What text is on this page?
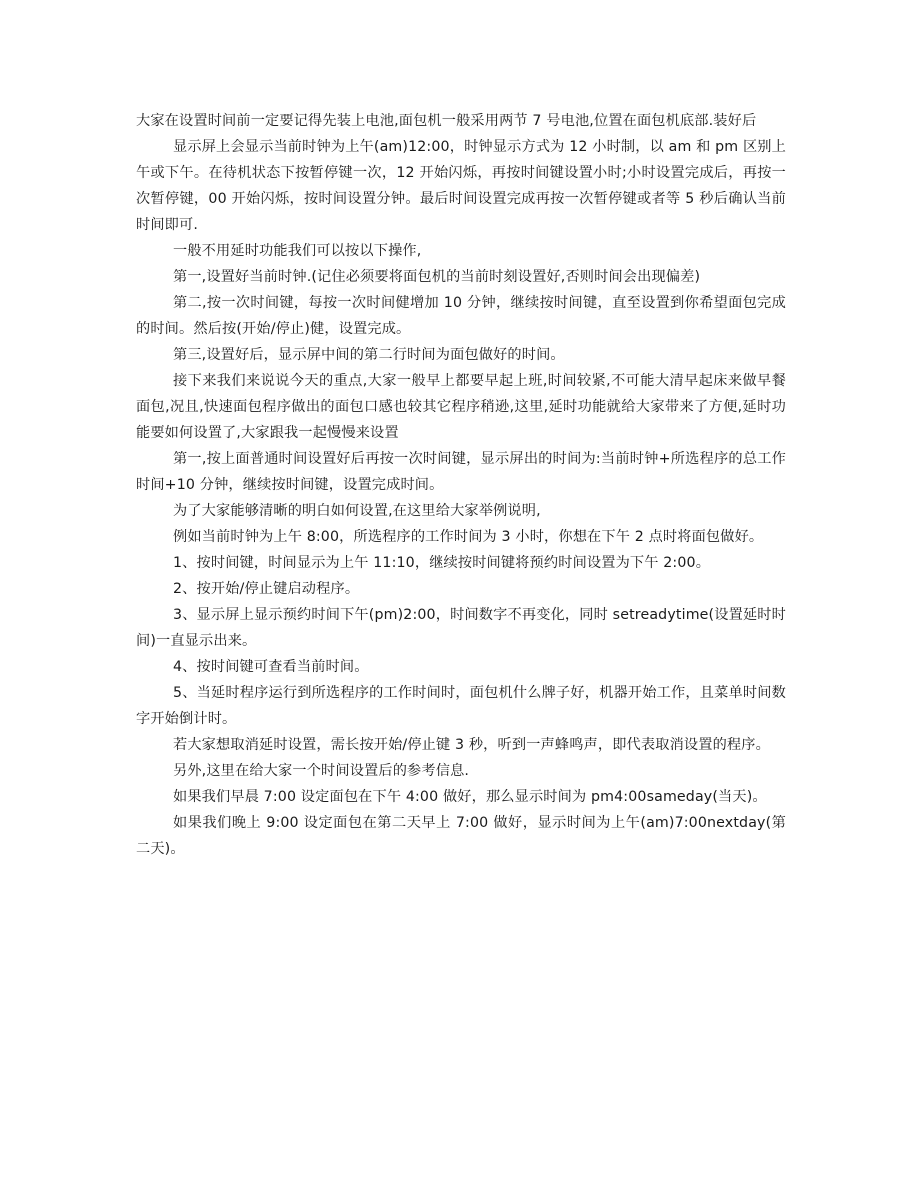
大家在设置时间前一定要记得先装上电池,面包机一般采用两节 7 号电池,位置在面包机底部.装好后

显示屏上会显示当前时钟为上午(am)12:00，时钟显示方式为 12 小时制，以 am 和 pm 区别上午或下午。在待机状态下按暂停键一次，12 开始闪烁，再按时间键设置小时;小时设置完成后，再按一次暂停键，00 开始闪烁，按时间设置分钟。最后时间设置完成再按一次暂停键或者等 5 秒后确认当前时间即可.

一般不用延时功能我们可以按以下操作,

第一,设置好当前时钟.(记住必须要将面包机的当前时刻设置好,否则时间会出现偏差)

第二,按一次时间键，每按一次时间健增加 10 分钟，继续按时间键，直至设置到你希望面包完成的时间。然后按(开始/停止)健，设置完成。

第三,设置好后，显示屏中间的第二行时间为面包做好的时间。

接下来我们来说说今天的重点,大家一般早上都要早起上班,时间较紧,不可能大清早起床来做早餐面包,况且,快速面包程序做出的面包口感也较其它程序稍逊,这里,延时功能就给大家带来了方便,延时功能要如何设置了,大家跟我一起慢慢来设置

第一,按上面普通时间设置好后再按一次时间键，显示屏出的时间为:当前时钟+所选程序的总工作时间+10 分钟，继续按时间键，设置完成时间。

为了大家能够清晰的明白如何设置,在这里给大家举例说明,

例如当前时钟为上午 8:00，所选程序的工作时间为 3 小时，你想在下午 2 点时将面包做好。

1、按时间键，时间显示为上午 11:10，继续按时间键将预约时间设置为下午 2:00。

2、按开始/停止键启动程序。

3、显示屏上显示预约时间下午(pm)2:00，时间数字不再变化，同时 setreadytime(设置延时时间)一直显示出来。

4、按时间键可查看当前时间。

5、当延时程序运行到所选程序的工作时间时，面包机什么牌子好，机器开始工作，且菜单时间数字开始倒计时。

若大家想取消延时设置，需长按开始/停止键 3 秒，听到一声蜂鸣声，即代表取消设置的程序。

另外,这里在给大家一个时间设置后的参考信息.

如果我们早晨 7:00 设定面包在下午 4:00 做好，那么显示时间为 pm4:00sameday(当天)。

如果我们晚上 9:00 设定面包在第二天早上 7:00 做好，显示时间为上午(am)7:00nextday(第二天)。
